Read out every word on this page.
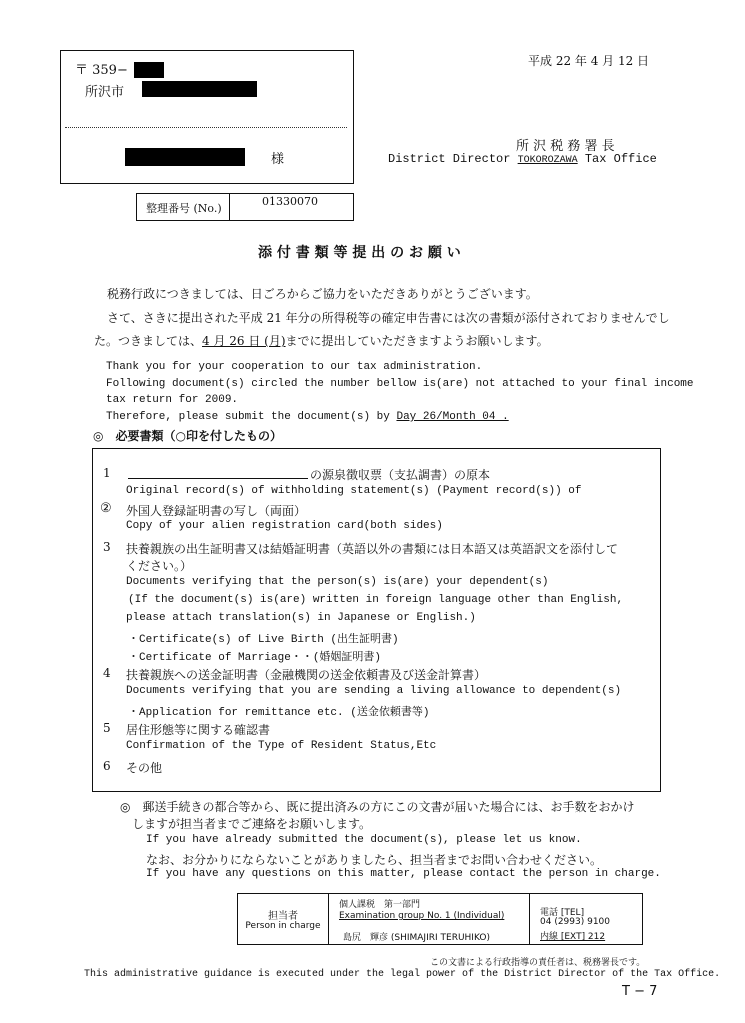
〒 359−
所沢市
様
平成 22 年 4 月 12 日
所 沢 税 務 署 長
District Director TOKOROZAWA Tax Office
整理番号 (No.)
01330070
添 付 書 類 等 提 出 の お 願 い
税務行政につきましては、日ごろからご協力をいただきありがとうございます。
さて、さきに提出された平成 21 年分の所得税等の確定申告書には次の書類が添付されておりませんでし
た。つきましては、4 月 26 日 (月)までに提出していただきますようお願いします。
Thank you for your cooperation to our tax administration.
Following document(s) circled the number bellow is(are) not attached to your final income
tax return for 2009.
Therefore, please submit the document(s) by Day 26/Month 04 .
◎　必要書類（○印を付したもの）
1	の源泉徴収票（支払調書）の原本
Original record(s) of withholding statement(s) (Payment record(s)) of
② 外国人登録証明書の写し（両面）
Copy of your alien registration card(both sides)
3 扶養親族の出生証明書又は結婚証明書（英語以外の書類には日本語又は英語訳文を添付して
ください。）
Documents verifying that the person(s) is(are) your dependent(s)
(If the document(s) is(are) written in foreign language other than English,
please attach translation(s) in Japanese or English.)
・Certificate(s) of Live Birth (出生証明書)
・Certificate of Marriage・・(婚姻証明書)
4 扶養親族への送金証明書（金融機関の送金依頼書及び送金計算書）
Documents verifying that you are sending a living allowance to dependent(s)
・Application for remittance etc. (送金依頼書等)
5 居住形態等に関する確認書
Confirmation of the Type of Resident Status,Etc
6 その他
◎　郵送手続きの都合等から、既に提出済みの方にこの文書が届いた場合には、お手数をおかけ
しますが担当者までご連絡をお願いします。
If you have already submitted the document(s), please let us know.
なお、お分かりにならないことがありましたら、担当者までお問い合わせください。
If you have any questions on this matter, please contact the person in charge.
担当者
Person in charge
個人課税　第一部門
Examination group No. 1 (Individual)
島尻　輝彦 (SHIMAJIRI TERUHIKO)
電話 [TEL]
04 (2993) 9100
内線 [EXT] 212
この文書による行政指導の責任者は、税務署長です。
This administrative guidance is executed under the legal power of the District Director of the Tax Office.
T − 7
